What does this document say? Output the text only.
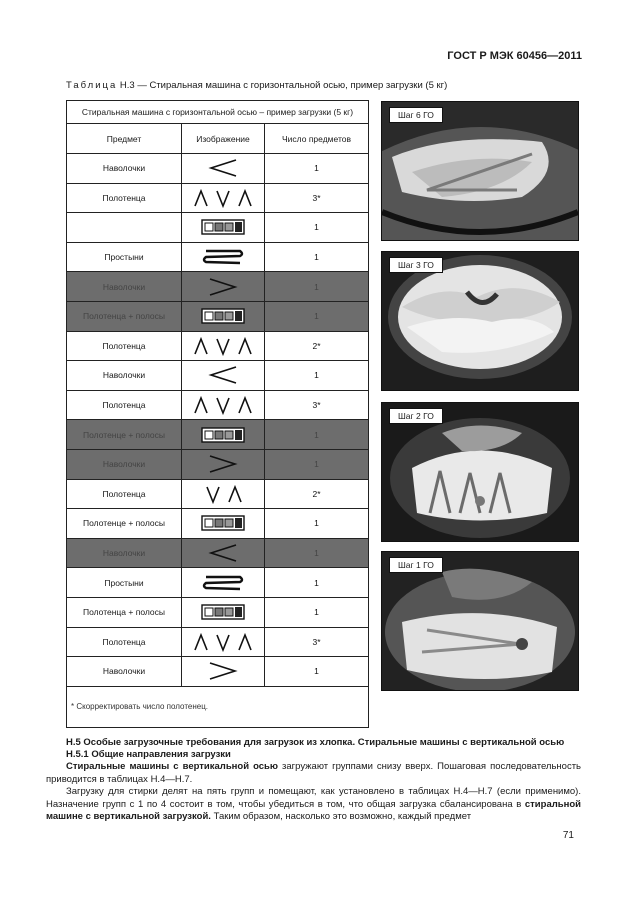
ГОСТ Р МЭК 60456—2011
Таблица Н.3 — Стиральная машина с горизонтальной осью, пример загрузки (5 кг)
Стиральная машина с горизонтальной осью – пример загрузки (5 кг)		
Предмет	Изображение	Число предметов
Наволочки		1
Полотенца		3*
		1
Простыни		1
Наволочки		1
Полотенца + полосы		1
Полотенца		2*
Наволочки		1
Полотенца		3*
Полотенце + полосы		1
Наволочки		1
Полотенца		2*
Полотенце + полосы		1
Наволочки		1
Простыни		1
Полотенца + полосы		1
Полотенца		3*
Наволочки		1
* Скорректировать число полотенец.		
Шаг 6 ГО
Шаг 3 ГО
Шаг 2 ГО
Шаг 1 ГО
Н.5 Особые загрузочные требования для загрузок из хлопка. Стиральные машины с вертикальной осью
Н.5.1 Общие направления загрузки
Стиральные машины с вертикальной осью загружают группами снизу вверх. Пошаговая последовательность приводится в таблицах Н.4—Н.7.
Загрузку для стирки делят на пять групп и помещают, как установлено в таблицах Н.4—Н.7 (если применимо). Назначение групп с 1 по 4 состоит в том, чтобы убедиться в том, что общая загрузка сбалансирована в стиральной машине с вертикальной загрузкой. Таким образом, насколько это возможно, каждый предмет
71
